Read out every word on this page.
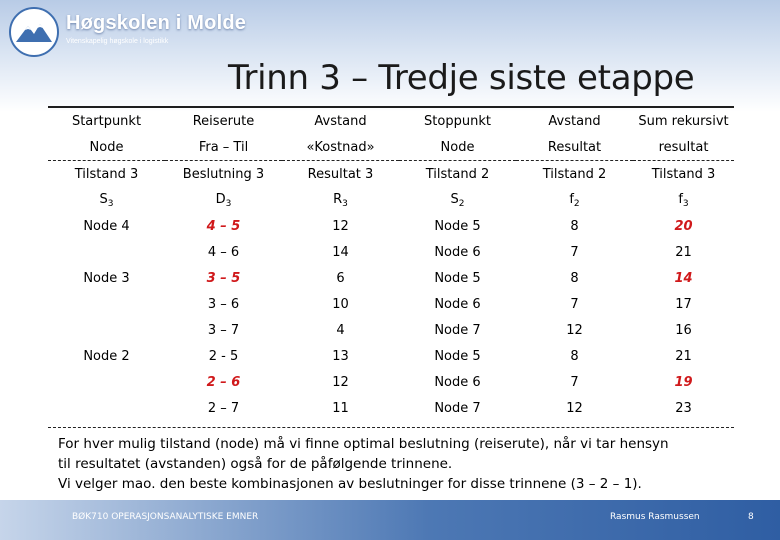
Høgskolen i Molde
Vitenskapelig høgskole i logistikk
Trinn 3 – Tredje siste etappe
Startpunkt	Reiserute	Avstand	Stoppunkt	Avstand	Sum rekursivt
Node	Fra – Til	«Kostnad»	Node	Resultat	resultat
Tilstand 3	Beslutning 3	Resultat 3	Tilstand 2	Tilstand 2	Tilstand 3
$S_3$	$D_3$	$R_3$	$S_2$	$f_2$	$f_3$
Node 4	4 – 5	12	Node 5	8	20
	4 – 6	14	Node 6	7	21
Node 3	3 – 5	6	Node 5	8	14
	3 – 6	10	Node 6	7	17
	3 – 7	4	Node 7	12	16
Node 2	2 - 5	13	Node 5	8	21
	2 – 6	12	Node 6	7	19
	2 – 7	11	Node 7	12	23
For hver mulig tilstand (node) må vi finne optimal beslutning (reiserute), når vi tar hensyn
til resultatet (avstanden) også for de påfølgende trinnene.
Vi velger mao. den beste kombinasjonen av beslutninger for disse trinnene (3 – 2 – 1).
BØK710 OPERASJONSANALYTISKE EMNER	Rasmus Rasmussen	8
